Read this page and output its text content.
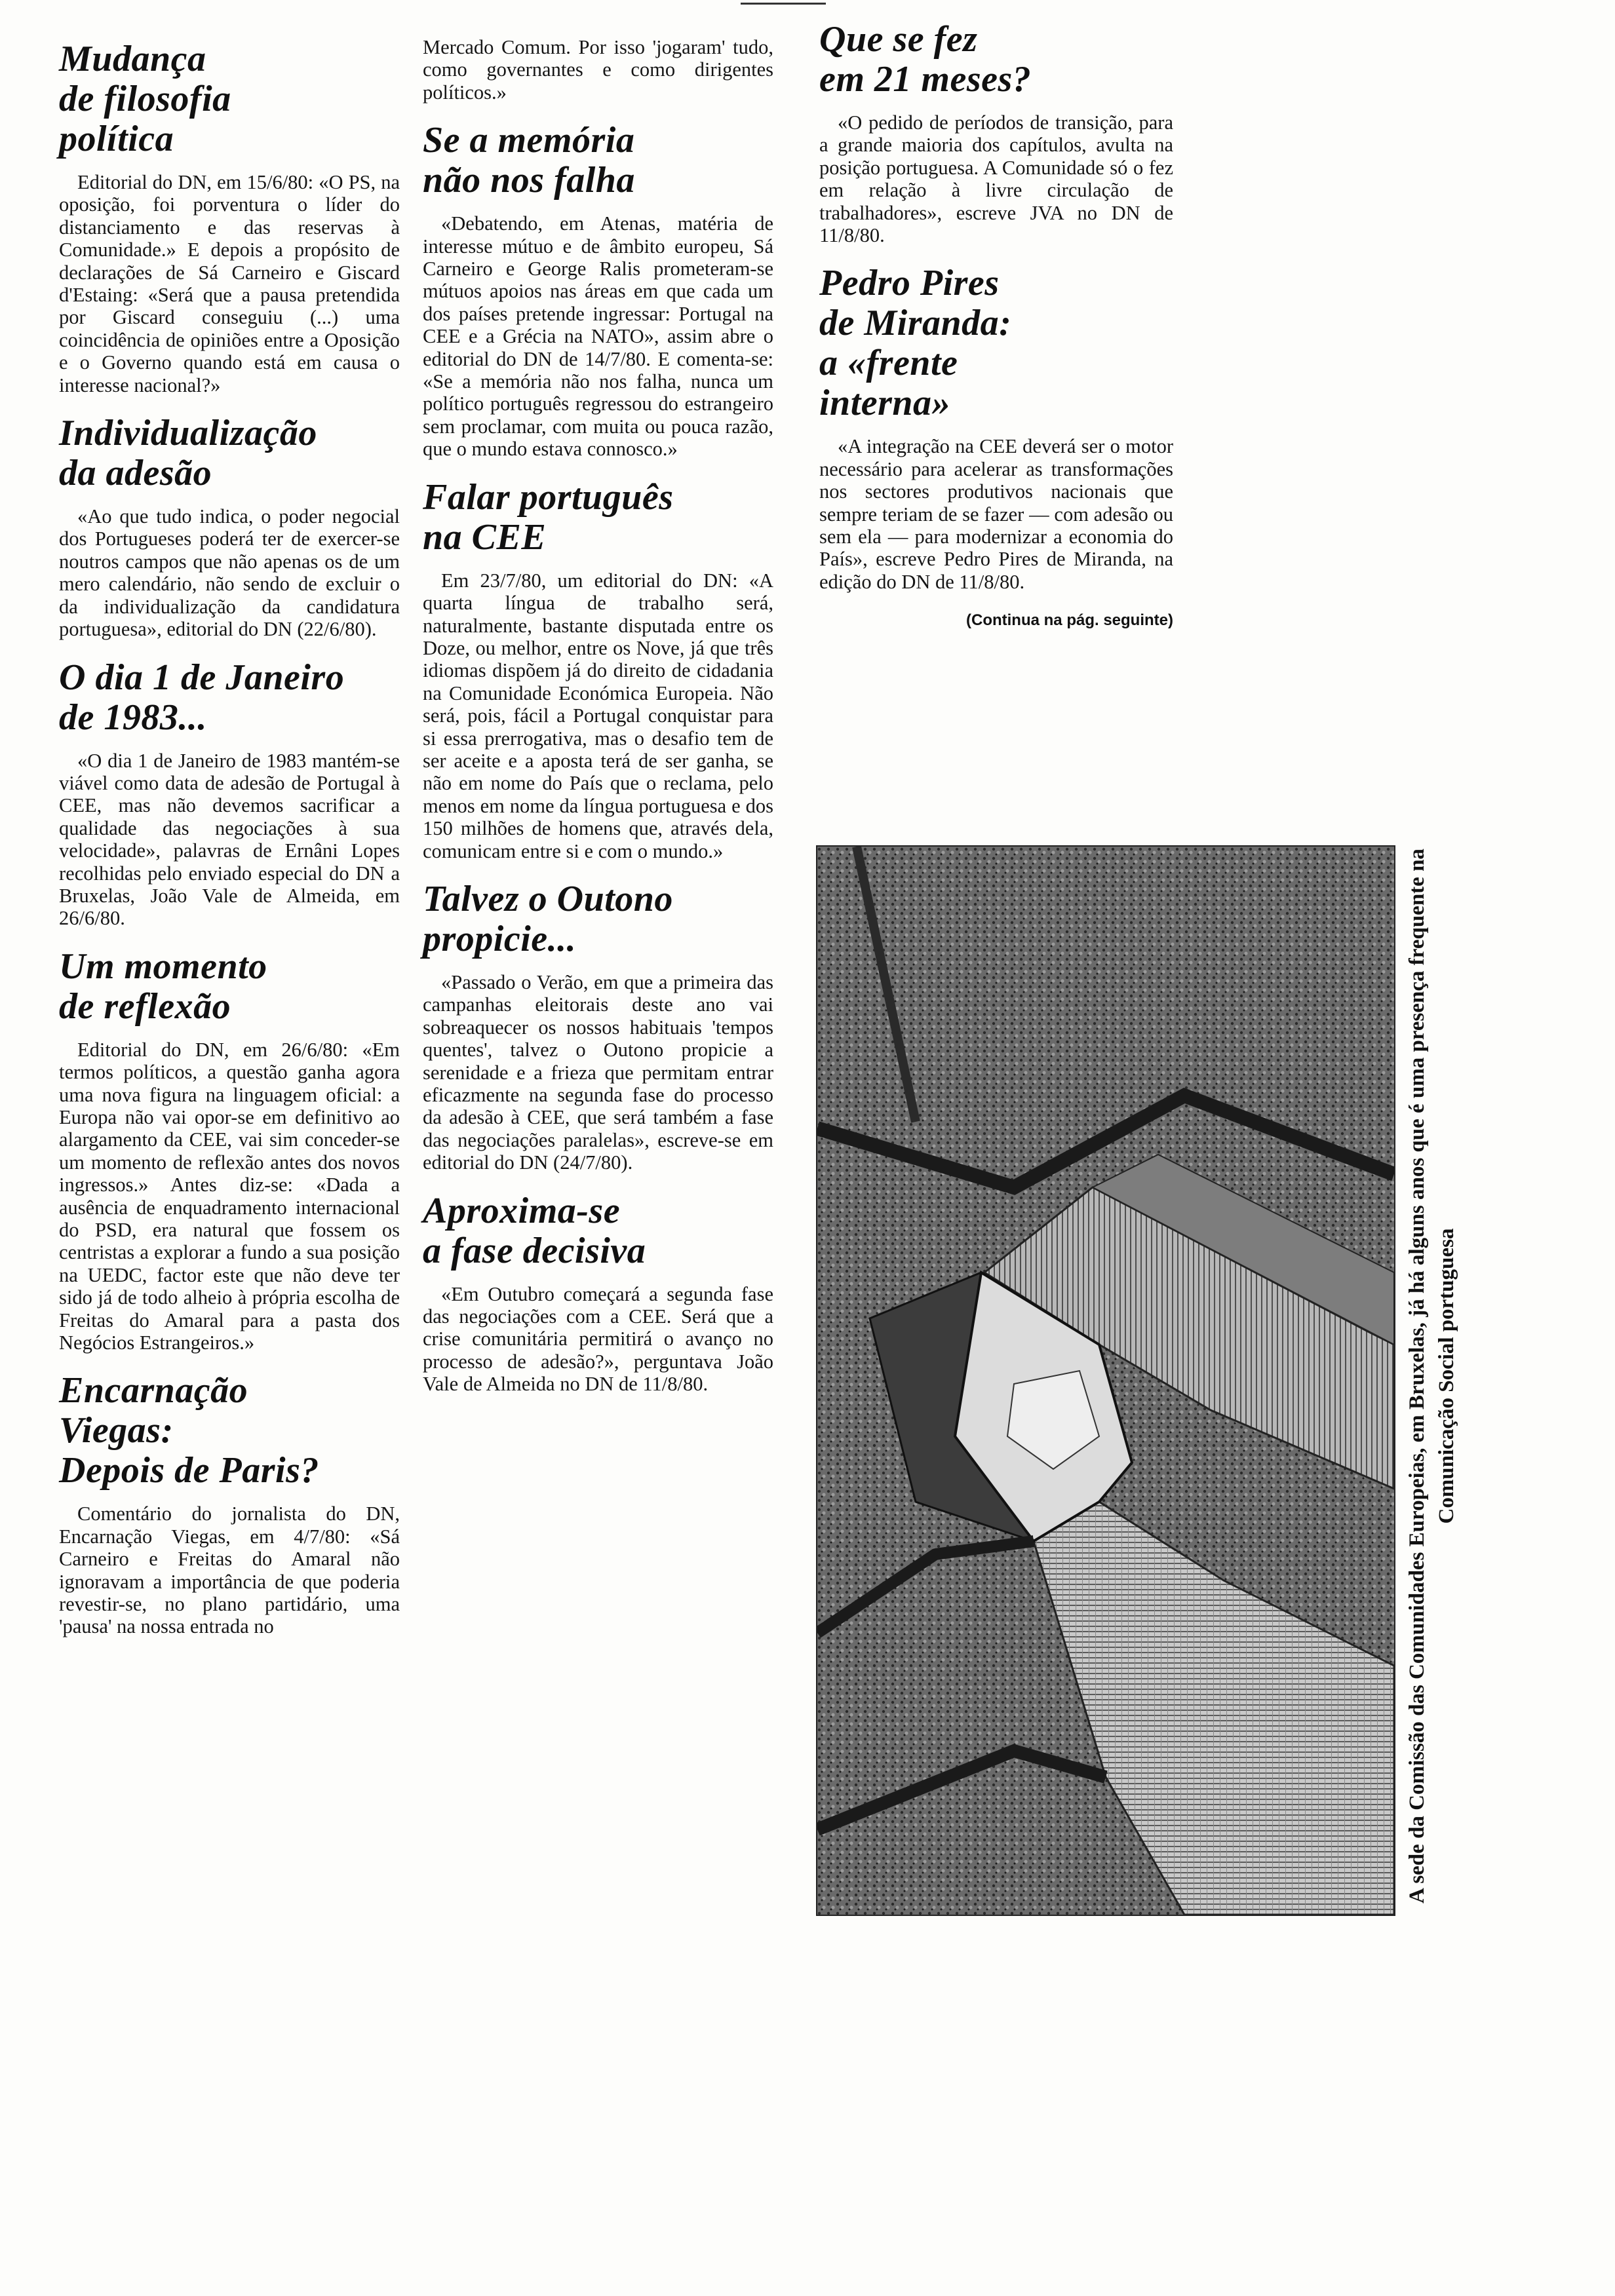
Mudança
de filosofia
política

Editorial do DN, em 15/6/80: «O PS, na oposição, foi porventura o líder do distanciamento e das reservas à Comunidade.» E depois a propósito de declarações de Sá Carneiro e Giscard d'Estaing: «Será que a pausa pretendida por Giscard conseguiu (...) uma coincidência de opiniões entre a Oposição e o Governo quando está em causa o interesse nacional?»

Individualização
da adesão

«Ao que tudo indica, o poder negocial dos Portugueses poderá ter de exercer-se noutros campos que não apenas os de um mero calendário, não sendo de excluir o da individualização da candidatura portuguesa», editorial do DN (22/6/80).

O dia 1 de Janeiro
de 1983...

«O dia 1 de Janeiro de 1983 mantém-se viável como data de adesão de Portugal à CEE, mas não devemos sacrificar a qualidade das negociações à sua velocidade», palavras de Ernâni Lopes recolhidas pelo enviado especial do DN a Bruxelas, João Vale de Almeida, em 26/6/80.

Um momento
de reflexão

Editorial do DN, em 26/6/80: «Em termos políticos, a questão ganha agora uma nova figura na linguagem oficial: a Europa não vai opor-se em definitivo ao alargamento da CEE, vai sim conceder-se um momento de reflexão antes dos novos ingressos.» Antes diz-se: «Dada a ausência de enquadramento internacional do PSD, era natural que fossem os centristas a explorar a fundo a sua posição na UEDC, factor este que não deve ter sido já de todo alheio à própria escolha de Freitas do Amaral para a pasta dos Negócios Estrangeiros.»

Encarnação
Viegas:
Depois de Paris?

Comentário do jornalista do DN, Encarnação Viegas, em 4/7/80: «Sá Carneiro e Freitas do Amaral não ignoravam a importância de que poderia revestir-se, no plano partidário, uma 'pausa' na nossa entrada no

Mercado Comum. Por isso 'jogaram' tudo, como governantes e como dirigentes políticos.»

Se a memória
não nos falha

«Debatendo, em Atenas, matéria de interesse mútuo e de âmbito europeu, Sá Carneiro e George Ralis prometeram-se mútuos apoios nas áreas em que cada um dos países pretende ingressar: Portugal na CEE e a Grécia na NATO», assim abre o editorial do DN de 14/7/80. E comenta-se: «Se a memória não nos falha, nunca um político português regressou do estrangeiro sem proclamar, com muita ou pouca razão, que o mundo estava connosco.»

Falar português
na CEE

Em 23/7/80, um editorial do DN: «A quarta língua de trabalho será, naturalmente, bastante disputada entre os Doze, ou melhor, entre os Nove, já que três idiomas dispõem já do direito de cidadania na Comunidade Económica Europeia. Não será, pois, fácil a Portugal conquistar para si essa prerrogativa, mas o desafio tem de ser aceite e a aposta terá de ser ganha, se não em nome do País que o reclama, pelo menos em nome da língua portuguesa e dos 150 milhões de homens que, através dela, comunicam entre si e com o mundo.»

Talvez o Outono
propicie...

«Passado o Verão, em que a primeira das campanhas eleitorais deste ano vai sobreaquecer os nossos habituais 'tempos quentes', talvez o Outono propicie a serenidade e a frieza que permitam entrar eficazmente na segunda fase do processo da adesão à CEE, que será também a fase das negociações paralelas», escreve-se em editorial do DN (24/7/80).

Aproxima-se
a fase decisiva

«Em Outubro começará a segunda fase das negociações com a CEE. Será que a crise comunitária permitirá o avanço no processo de adesão?», perguntava João Vale de Almeida no DN de 11/8/80.

Que se fez
em 21 meses?

«O pedido de períodos de transição, para a grande maioria dos capítulos, avulta na posição portuguesa. A Comunidade só o fez em relação à livre circulação de trabalhadores», escreve JVA no DN de 11/8/80.

Pedro Pires
de Miranda:
a «frente
interna»

«A integração na CEE deverá ser o motor necessário para acelerar as transformações nos sectores produtivos nacionais que sempre teriam de se fazer — com adesão ou sem ela — para modernizar a economia do País», escreve Pedro Pires de Miranda, na edição do DN de 11/8/80.

(Continua na pág. seguinte)
A sede da Comissão das Comunidades Europeias, em Bruxelas, já há alguns anos que é uma presença frequente na Comunicação Social portuguesa
